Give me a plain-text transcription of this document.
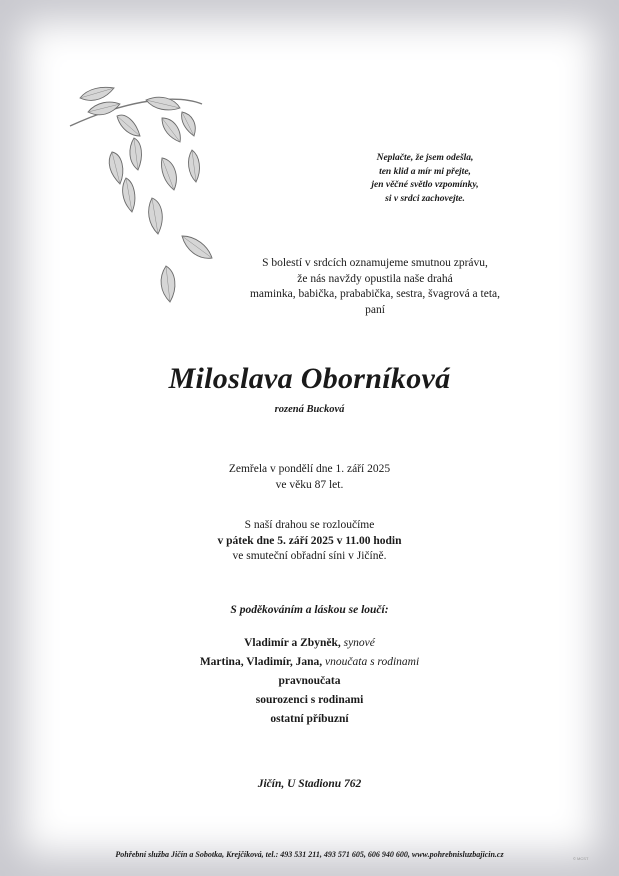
Neplačte, že jsem odešla,
ten klid a mír mi přejte,
jen věčné světlo vzpomínky,
si v srdci zachovejte.
S bolestí v srdcích oznamujeme smutnou zprávu,
že nás navždy opustila naše drahá
maminka, babička, prababička, sestra, švagrová a teta,
paní
Miloslava Oborníková
rozená Bucková
Zemřela v pondělí dne 1. září 2025
ve věku 87 let.
S naší drahou se rozloučíme
v pátek dne 5. září 2025 v 11.00 hodin
ve smuteční obřadní síni v Jičíně.
S poděkováním a láskou se loučí:
Vladimír a Zbyněk, synové
Martina, Vladimír, Jana, vnoučata s rodinami
pravnoučata
sourozenci s rodinami
ostatní příbuzní
Jičín, U Stadionu 762
Pohřební služba Jičín a Sobotka, Krejčíková, tel.: 493 531 211, 493 571 605, 606 940 600, www.pohrebnisluzbajicin.cz	© MCST
